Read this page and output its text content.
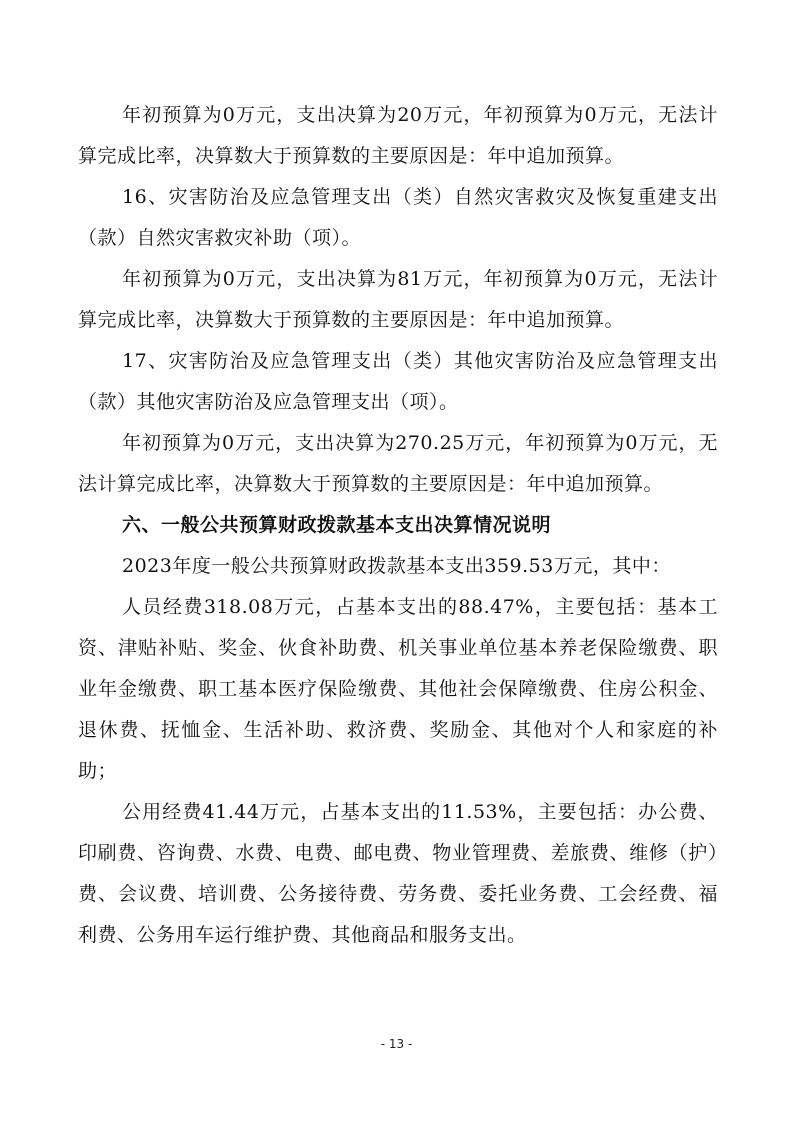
年初预算为0万元，支出决算为20万元，年初预算为0万元，无法计算完成比率，决算数大于预算数的主要原因是：年中追加预算。

16、灾害防治及应急管理支出（类）自然灾害救灾及恢复重建支出（款）自然灾害救灾补助（项）。

年初预算为0万元，支出决算为81万元，年初预算为0万元，无法计算完成比率，决算数大于预算数的主要原因是：年中追加预算。

17、灾害防治及应急管理支出（类）其他灾害防治及应急管理支出（款）其他灾害防治及应急管理支出（项）。

年初预算为0万元，支出决算为270.25万元，年初预算为0万元，无法计算完成比率，决算数大于预算数的主要原因是：年中追加预算。

六、一般公共预算财政拨款基本支出决算情况说明

2023年度一般公共预算财政拨款基本支出359.53万元，其中：

人员经费318.08万元，占基本支出的88.47%，主要包括：基本工资、津贴补贴、奖金、伙食补助费、机关事业单位基本养老保险缴费、职业年金缴费、职工基本医疗保险缴费、其他社会保障缴费、住房公积金、退休费、抚恤金、生活补助、救济费、奖励金、其他对个人和家庭的补助；

公用经费41.44万元，占基本支出的11.53%，主要包括：办公费、印刷费、咨询费、水费、电费、邮电费、物业管理费、差旅费、维修（护）费、会议费、培训费、公务接待费、劳务费、委托业务费、工会经费、福利费、公务用车运行维护费、其他商品和服务支出。

- 13 -
